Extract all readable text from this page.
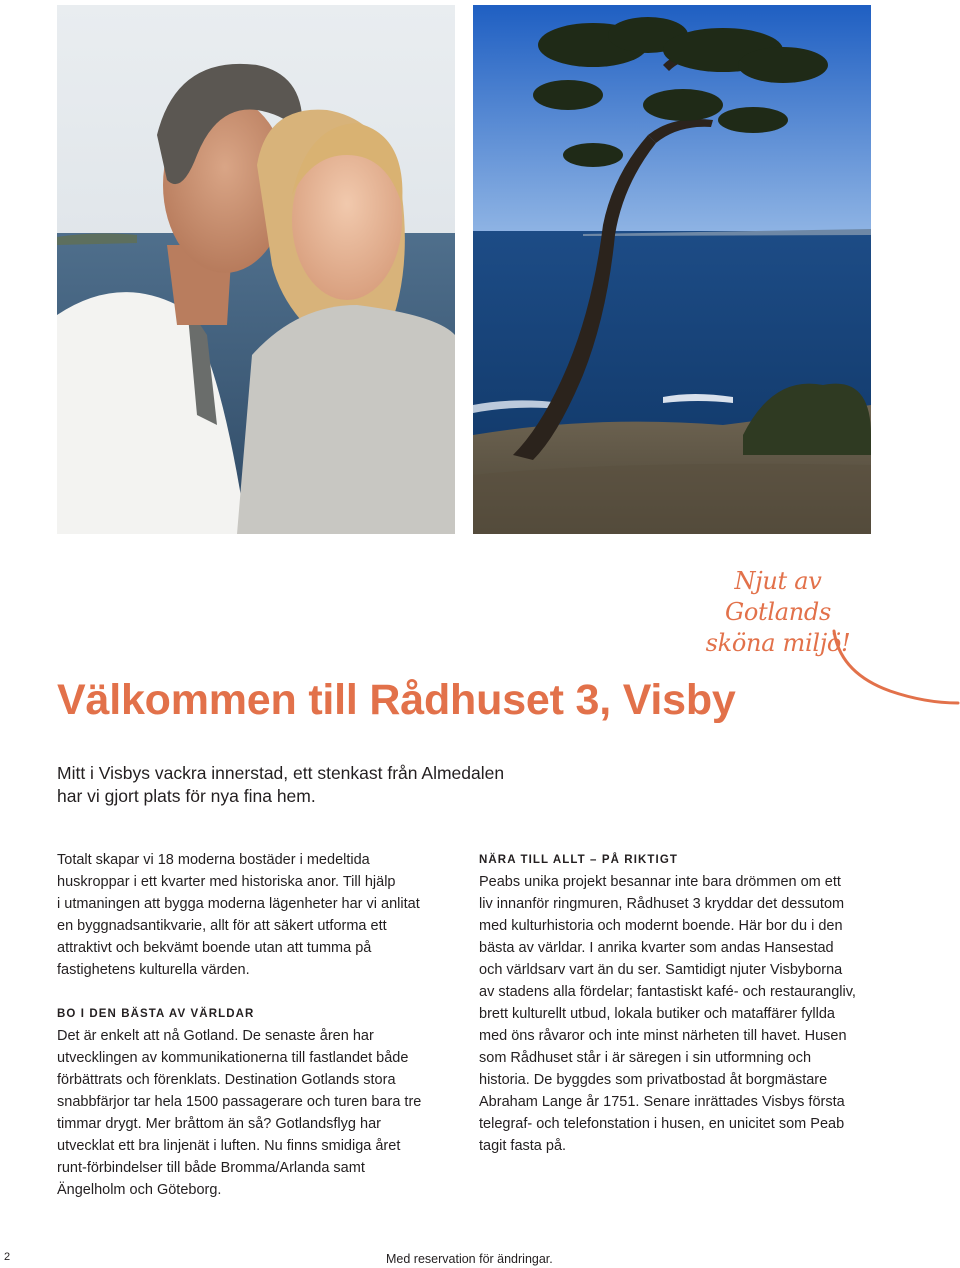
Njut av Gotlands
sköna miljö!
Välkommen till Rådhuset 3, Visby
Mitt i Visbys vackra innerstad, ett stenkast från Almedalen
har vi gjort plats för nya fina hem.

Totalt skapar vi 18 moderna bostäder i medeltida
huskroppar i ett kvarter med historiska anor. Till hjälp
i utmaningen att bygga moderna lägenheter har vi anlitat
en byggnadsantikvarie, allt för att säkert utforma ett
attraktivt och bekvämt boende utan att tumma på
fastighetens kulturella värden.

BO I DEN BÄSTA AV VÄRLDAR

Det är enkelt att nå Gotland. De senaste åren har
utvecklingen av kommunikationerna till fastlandet både
förbättrats och förenklats. Destination Gotlands stora
snabbfärjor tar hela 1500 passagerare och turen bara tre
timmar drygt. Mer bråttom än så? Gotlandsflyg har
utvecklat ett bra linjenät i luften. Nu finns smidiga året
runt-förbindelser till både Bromma/Arlanda samt
Ängelholm och Göteborg.

NÄRA TILL ALLT – PÅ RIKTIGT

Peabs unika projekt besannar inte bara drömmen om ett
liv innanför ringmuren, Rådhuset 3 kryddar det dessutom
med kulturhistoria och modernt boende. Här bor du i den
bästa av världar. I anrika kvarter som andas Hansestad
och världsarv vart än du ser. Samtidigt njuter Visbyborna
av stadens alla fördelar; fantastiskt kafé- och restaurangliv,
brett kulturellt utbud, lokala butiker och mataffärer fyllda
med öns råvaror och inte minst närheten till havet. Husen
som Rådhuset står i är säregen i sin utformning och
historia. De byggdes som privatbostad åt borgmästare
Abraham Lange år 1751. Senare inrättades Visbys första
telegraf- och telefonstation i husen, en unicitet som Peab
tagit fasta på.

2	Med reservation för ändringar.
